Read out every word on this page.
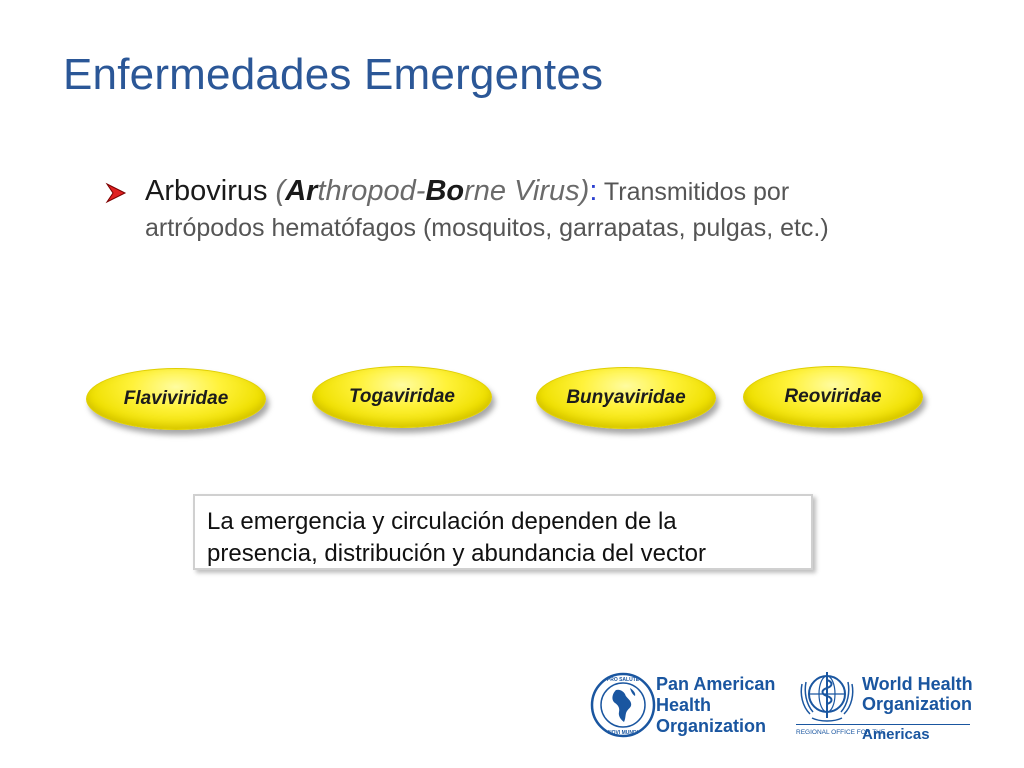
Enfermedades Emergentes
Arbovirus (Arthropod-Borne Virus): Transmitidos por
artrópodos hematófagos (mosquitos, garrapatas, pulgas, etc.)
Flaviviridae	Togaviridae	Bunyaviridae	Reoviridae
La emergencia y circulación dependen de la
presencia, distribución y abundancia del vector
PRO SALUTE
NOVI MUNDI
Pan American
Health
Organization
World Health
Organization
REGIONAL OFFICE FOR THE
Americas
